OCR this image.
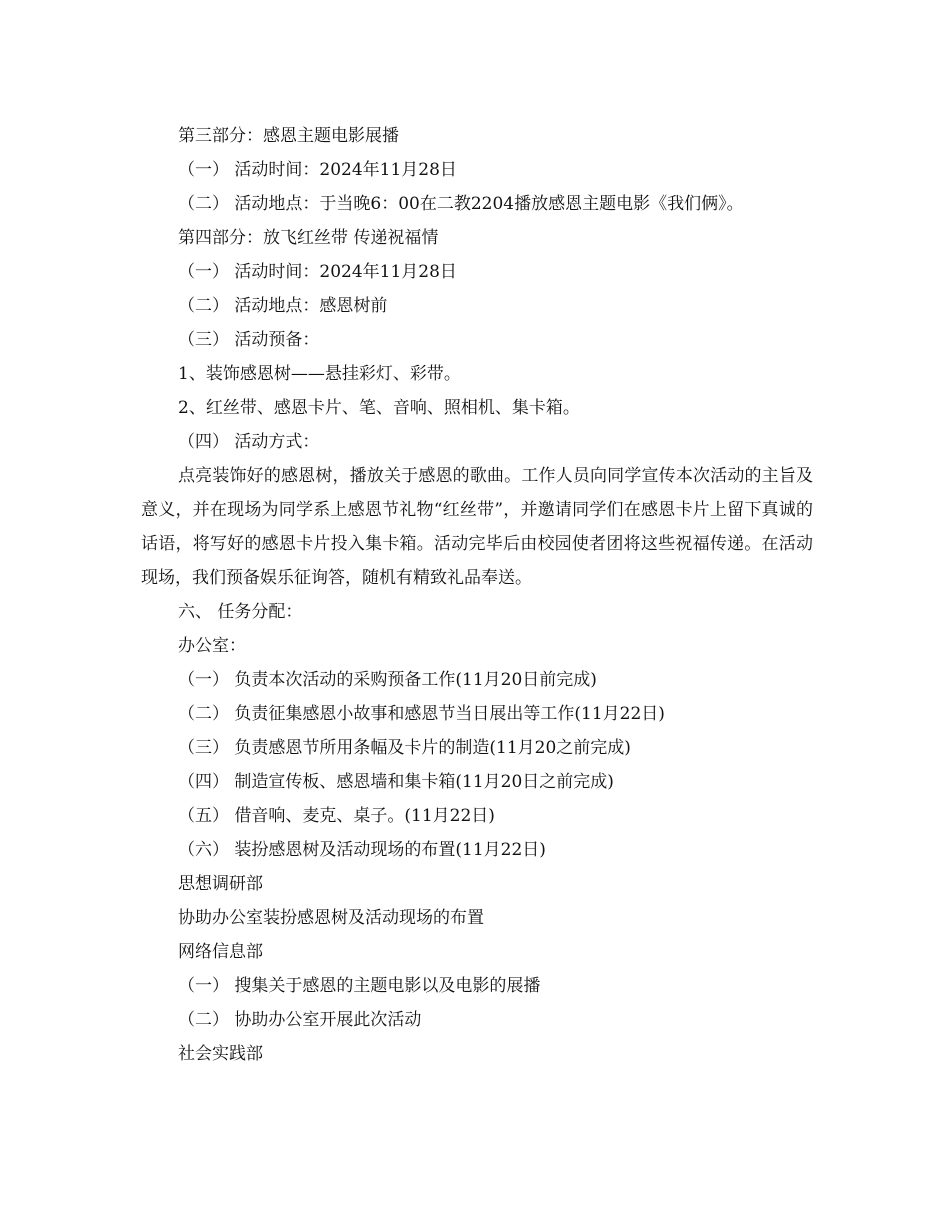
第三部分：感恩主题电影展播
（一） 活动时间：2024年11月28日
（二） 活动地点：于当晚6：00在二教2204播放感恩主题电影《我们俩》。
第四部分：放飞红丝带 传递祝福情
（一） 活动时间：2024年11月28日
（二） 活动地点：感恩树前
（三） 活动预备：
1、装饰感恩树——悬挂彩灯、彩带。
2、红丝带、感恩卡片、笔、音响、照相机、集卡箱。
（四） 活动方式：
点亮装饰好的感恩树，播放关于感恩的歌曲。工作人员向同学宣传本次活动的主旨及意义，并在现场为同学系上感恩节礼物“红丝带”，并邀请同学们在感恩卡片上留下真诚的话语，将写好的感恩卡片投入集卡箱。活动完毕后由校园使者团将这些祝福传递。在活动现场，我们预备娱乐征询答，随机有精致礼品奉送。
六、 任务分配：
办公室：
（一） 负责本次活动的采购预备工作(11月20日前完成)
（二） 负责征集感恩小故事和感恩节当日展出等工作(11月22日)
（三） 负责感恩节所用条幅及卡片的制造(11月20之前完成)
（四） 制造宣传板、感恩墙和集卡箱(11月20日之前完成)
（五） 借音响、麦克、桌子。(11月22日)
（六） 装扮感恩树及活动现场的布置(11月22日)
思想调研部
协助办公室装扮感恩树及活动现场的布置
网络信息部
（一） 搜集关于感恩的主题电影以及电影的展播
（二） 协助办公室开展此次活动
社会实践部
